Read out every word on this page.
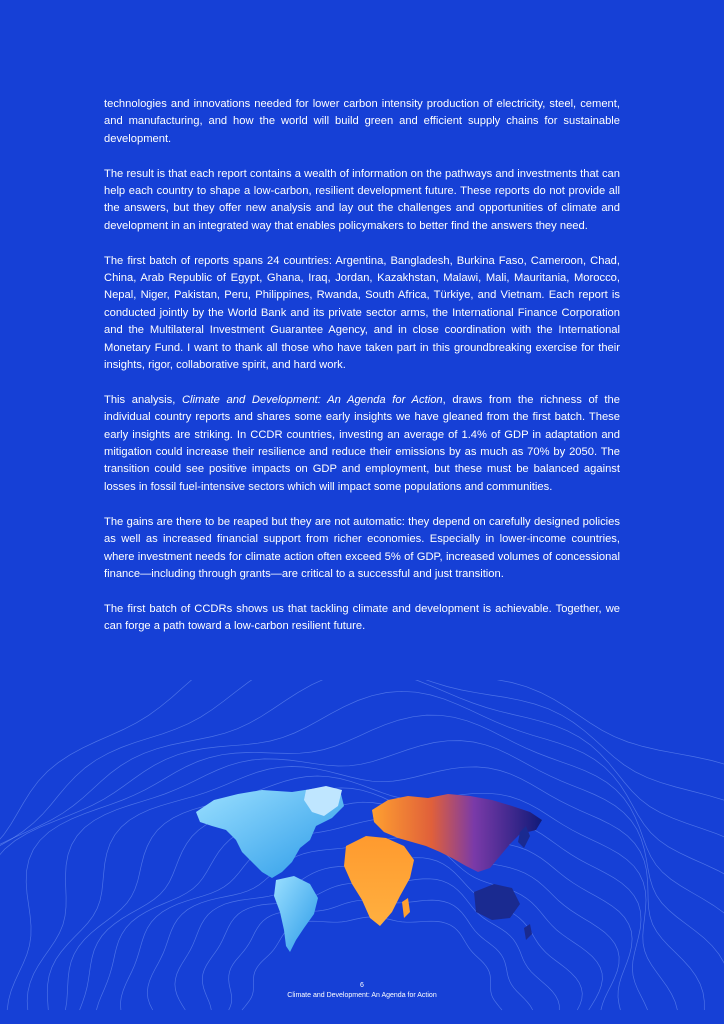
technologies and innovations needed for lower carbon intensity production of electricity, steel, cement, and manufacturing, and how the world will build green and efficient supply chains for sustainable development.

The result is that each report contains a wealth of information on the pathways and investments that can help each country to shape a low-carbon, resilient development future. These reports do not provide all the answers, but they offer new analysis and lay out the challenges and opportunities of climate and development in an integrated way that enables policymakers to better find the answers they need.

The first batch of reports spans 24 countries: Argentina, Bangladesh, Burkina Faso, Cameroon, Chad, China, Arab Republic of Egypt, Ghana, Iraq, Jordan, Kazakhstan, Malawi, Mali, Mauritania, Morocco, Nepal, Niger, Pakistan, Peru, Philippines, Rwanda, South Africa, Türkiye, and Vietnam. Each report is conducted jointly by the World Bank and its private sector arms, the International Finance Corporation and the Multilateral Investment Guarantee Agency, and in close coordination with the International Monetary Fund. I want to thank all those who have taken part in this groundbreaking exercise for their insights, rigor, collaborative spirit, and hard work.

This analysis, Climate and Development: An Agenda for Action, draws from the richness of the individual country reports and shares some early insights we have gleaned from the first batch. These early insights are striking. In CCDR countries, investing an average of 1.4% of GDP in adaptation and mitigation could increase their resilience and reduce their emissions by as much as 70% by 2050. The transition could see positive impacts on GDP and employment, but these must be balanced against losses in fossil fuel-intensive sectors which will impact some populations and communities.

The gains are there to be reaped but they are not automatic: they depend on carefully designed policies as well as increased financial support from richer economies. Especially in lower-income countries, where investment needs for climate action often exceed 5% of GDP, increased volumes of concessional finance—including through grants—are critical to a successful and just transition.

The first batch of CCDRs shows us that tackling climate and development is achievable. Together, we can forge a path toward a low-carbon resilient future.

6
Climate and Development: An Agenda for Action
